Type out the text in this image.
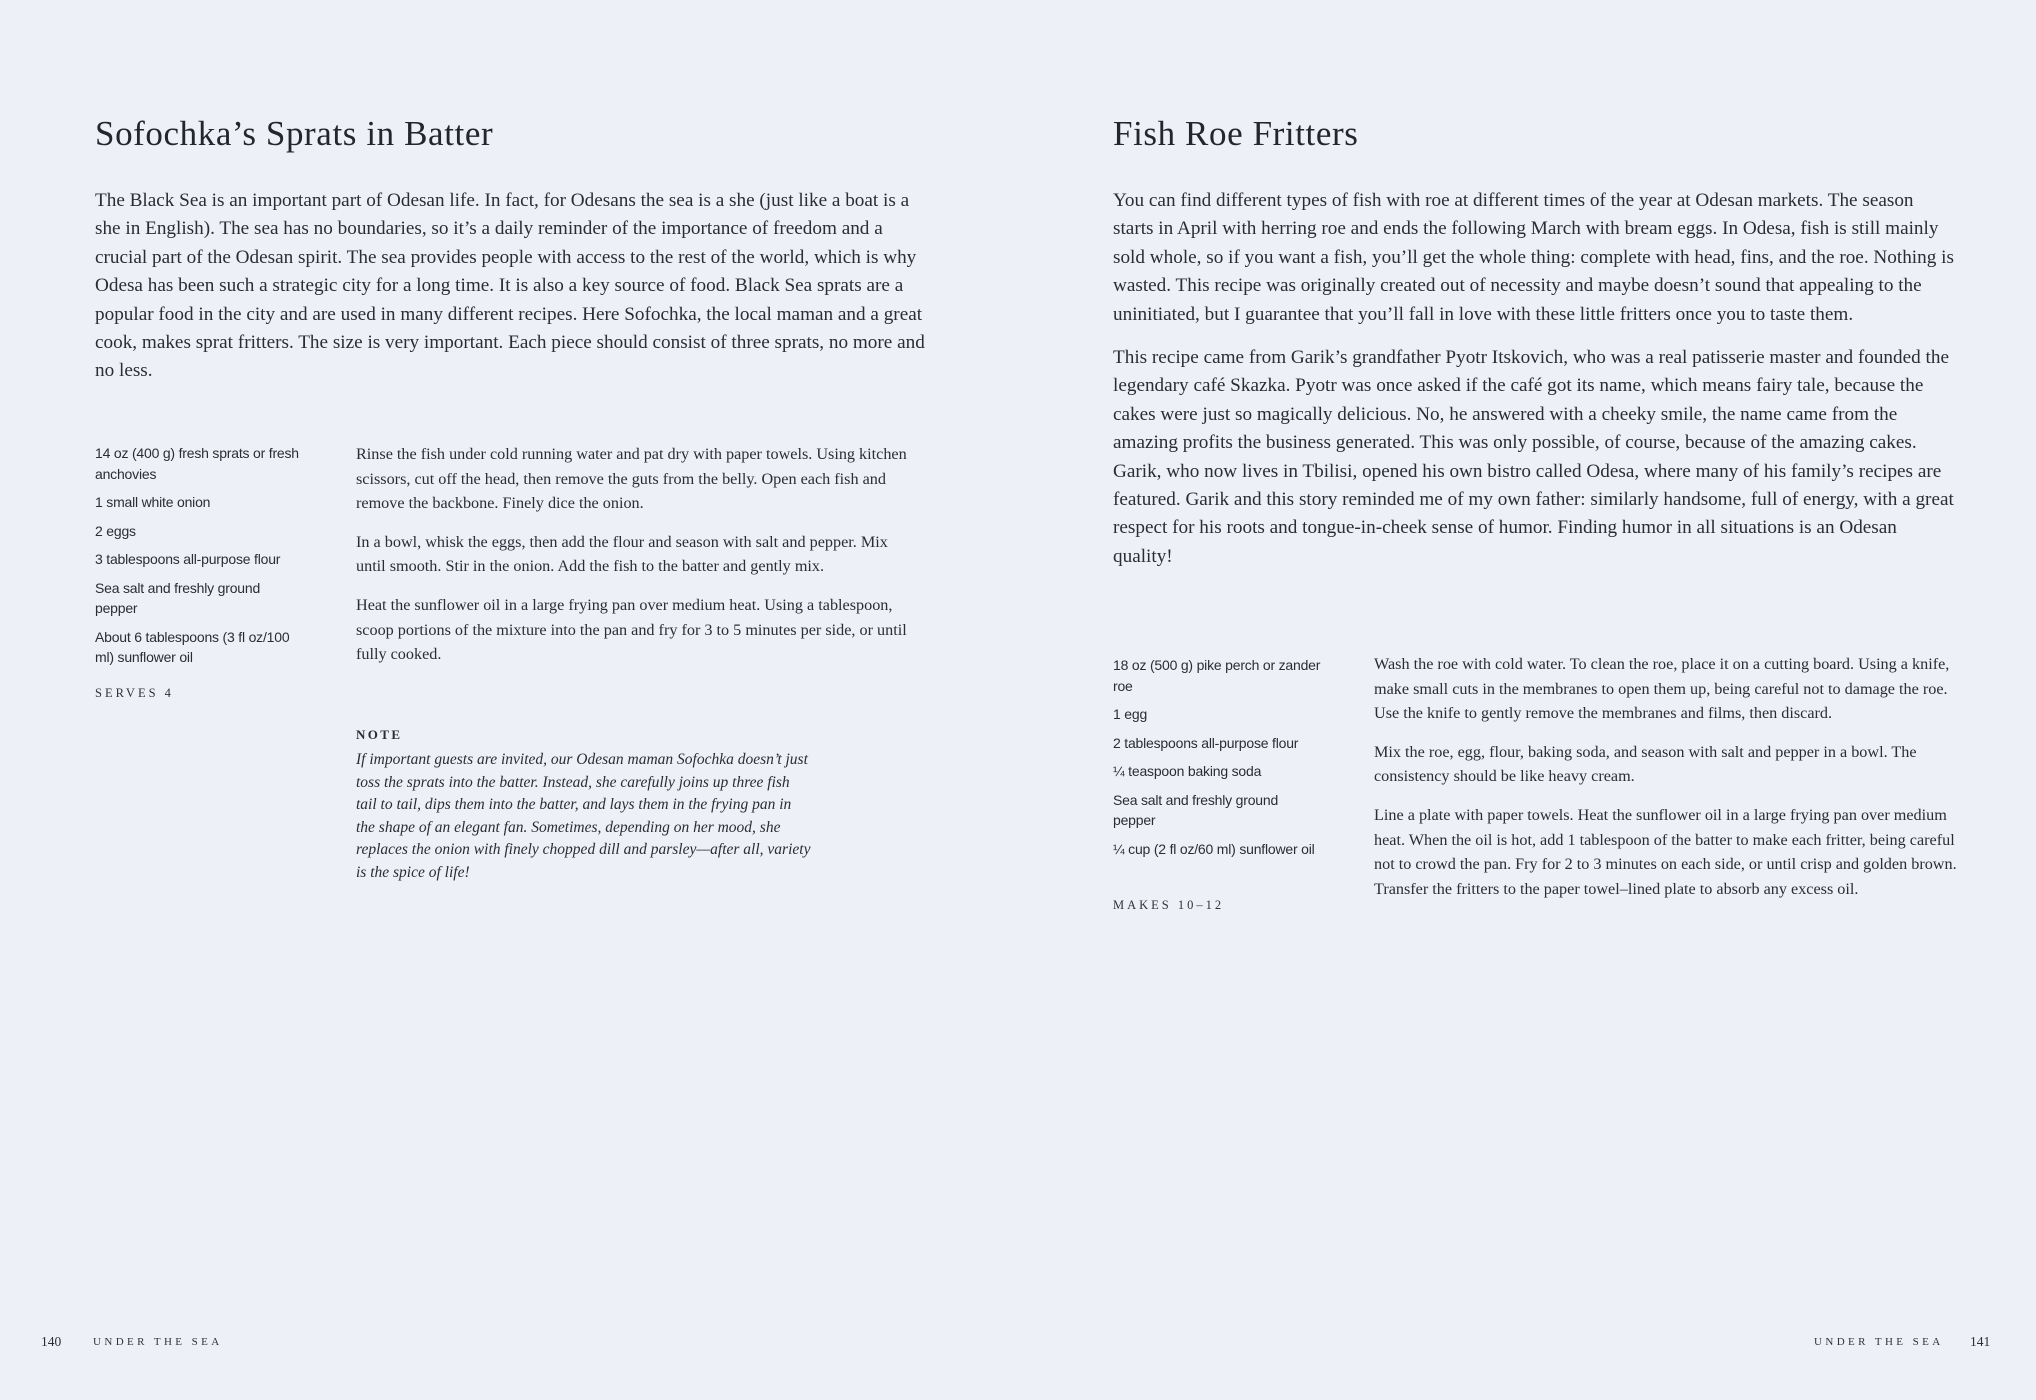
Sofochka’s Sprats in Batter

The Black Sea is an important part of Odesan life. In fact, for Odesans the sea is a she (just like a boat is a she in English). The sea has no boundaries, so it’s a daily reminder of the importance of freedom and a crucial part of the Odesan spirit. The sea provides people with access to the rest of the world, which is why Odesa has been such a strategic city for a long time. It is also a key source of food. Black Sea sprats are a popular food in the city and are used in many different recipes. Here Sofochka, the local maman and a great cook, makes sprat fritters. The size is very important. Each piece should consist of three sprats, no more and no less.

14 oz (400 g) fresh sprats or fresh anchovies
1 small white onion
2 eggs
3 tablespoons all-purpose flour
Sea salt and freshly ground pepper
About 6 tablespoons (3 fl oz/100 ml) sunflower oil
SERVES 4

Rinse the fish under cold running water and pat dry with paper towels. Using kitchen scissors, cut off the head, then remove the guts from the belly. Open each fish and remove the backbone. Finely dice the onion.

In a bowl, whisk the eggs, then add the flour and season with salt and pepper. Mix until smooth. Stir in the onion. Add the fish to the batter and gently mix.

Heat the sunflower oil in a large frying pan over medium heat. Using a tablespoon, scoop portions of the mixture into the pan and fry for 3 to 5 minutes per side, or until fully cooked.

NOTE

If important guests are invited, our Odesan maman Sofochka doesn’t just toss the sprats into the batter. Instead, she carefully joins up three fish tail to tail, dips them into the batter, and lays them in the frying pan in the shape of an elegant fan. Sometimes, depending on her mood, she replaces the onion with finely chopped dill and parsley—after all, variety is the spice of life!

140	UNDER THE SEA
Fish Roe Fritters

You can find different types of fish with roe at different times of the year at Odesan markets. The season starts in April with herring roe and ends the following March with bream eggs. In Odesa, fish is still mainly sold whole, so if you want a fish, you’ll get the whole thing: complete with head, fins, and the roe. Nothing is wasted. This recipe was originally created out of necessity and maybe doesn’t sound that appealing to the uninitiated, but I guarantee that you’ll fall in love with these little fritters once you to taste them.

This recipe came from Garik’s grandfather Pyotr Itskovich, who was a real patisserie master and founded the legendary café Skazka. Pyotr was once asked if the café got its name, which means fairy tale, because the cakes were just so magically delicious. No, he answered with a cheeky smile, the name came from the amazing profits the business generated. This was only possible, of course, because of the amazing cakes. Garik, who now lives in Tbilisi, opened his own bistro called Odesa, where many of his family’s recipes are featured. Garik and this story reminded me of my own father: similarly handsome, full of energy, with a great respect for his roots and tongue-in-cheek sense of humor. Finding humor in all situations is an Odesan quality!

18 oz (500 g) pike perch or zander roe
1 egg
2 tablespoons all-purpose flour
¼ teaspoon baking soda
Sea salt and freshly ground pepper
¼ cup (2 fl oz/60 ml) sunflower oil
MAKES 10–12

Wash the roe with cold water. To clean the roe, place it on a cutting board. Using a knife, make small cuts in the membranes to open them up, being careful not to damage the roe. Use the knife to gently remove the membranes and films, then discard.

Mix the roe, egg, flour, baking soda, and season with salt and pepper in a bowl. The consistency should be like heavy cream.

Line a plate with paper towels. Heat the sunflower oil in a large frying pan over medium heat. When the oil is hot, add 1 tablespoon of the batter to make each fritter, being careful not to crowd the pan. Fry for 2 to 3 minutes on each side, or until crisp and golden brown. Transfer the fritters to the paper towel–lined plate to absorb any excess oil.

UNDER THE SEA 141
